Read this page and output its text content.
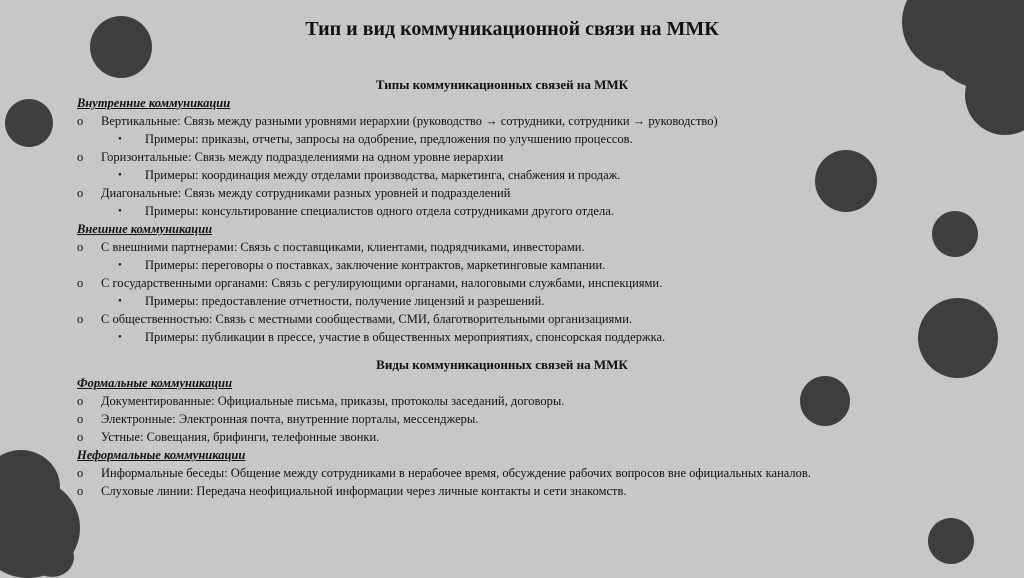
Тип и вид коммуникационной связи на ММК
Типы коммуникационных связей на ММК
Внутренние коммуникации
o Вертикальные: Связь между разными уровнями иерархии (руководство → сотрудники, сотрудники → руководство)
• Примеры: приказы, отчеты, запросы на одобрение, предложения по улучшению процессов.
o Горизонтальные: Связь между подразделениями на одном уровне иерархии
• Примеры: координация между отделами производства, маркетинга, снабжения и продаж.
o Диагональные: Связь между сотрудниками разных уровней и подразделений
• Примеры: консультирование специалистов одного отдела сотрудниками другого отдела.
Внешние коммуникации
o С внешними партнерами: Связь с поставщиками, клиентами, подрядчиками, инвесторами.
• Примеры: переговоры о поставках, заключение контрактов, маркетинговые кампании.
o С государственными органами: Связь с регулирующими органами, налоговыми службами, инспекциями.
• Примеры: предоставление отчетности, получение лицензий и разрешений.
o С общественностью: Связь с местными сообществами, СМИ, благотворительными организациями.
• Примеры: публикации в прессе, участие в общественных мероприятиях, спонсорская поддержка.
Виды коммуникационных связей на ММК
Формальные коммуникации
o Документированные: Официальные письма, приказы, протоколы заседаний, договоры.
o Электронные: Электронная почта, внутренние порталы, мессенджеры.
o Устные: Совещания, брифинги, телефонные звонки.
Неформальные коммуникации
o Информальные беседы: Общение между сотрудниками в нерабочее время, обсуждение рабочих вопросов вне официальных каналов.
o Слуховые линии: Передача неофициальной информации через личные контакты и сети знакомств.
